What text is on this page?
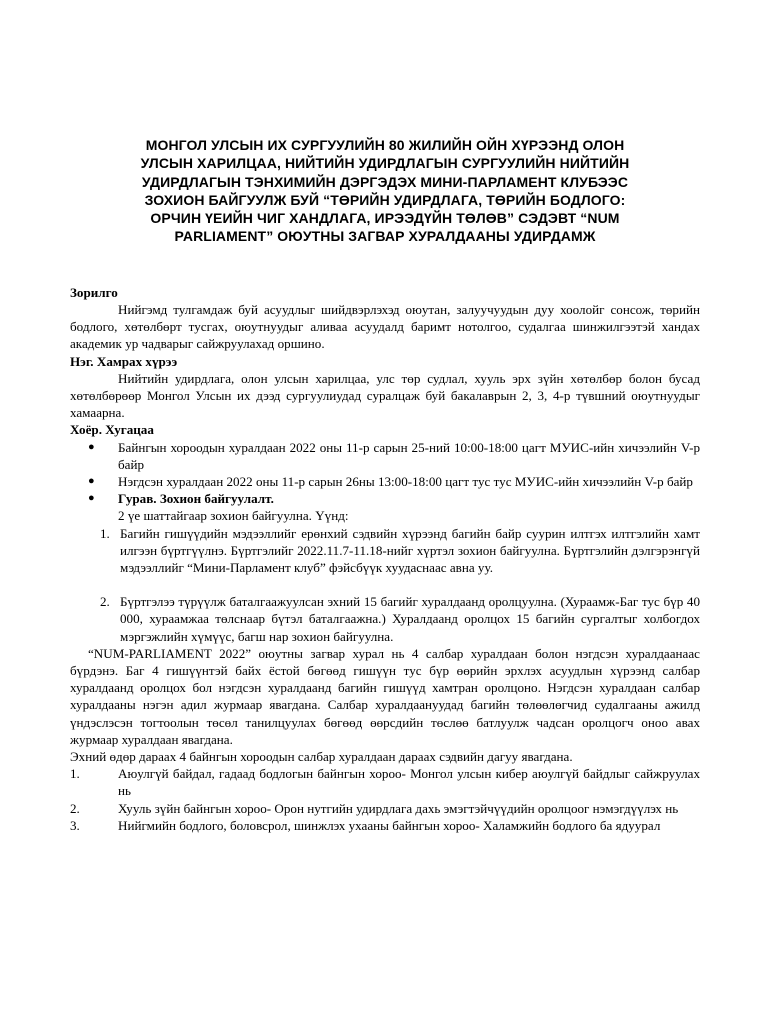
МОНГОЛ УЛСЫН ИХ СУРГУУЛИЙН 80 ЖИЛИЙН ОЙН ХҮРЭЭНД ОЛОН
УЛСЫН ХАРИЛЦАА, НИЙТИЙН УДИРДЛАГЫН СУРГУУЛИЙН НИЙТИЙН
УДИРДЛАГЫН ТЭНХИМИЙН ДЭРГЭДЭХ МИНИ-ПАРЛАМЕНТ КЛУБЭЭС
ЗОХИОН БАЙГУУЛЖ БУЙ “ТӨРИЙН УДИРДЛАГА, ТӨРИЙН БОДЛОГО:
ОРЧИН ҮЕИЙН ЧИГ ХАНДЛАГА, ИРЭЭДҮЙН ТӨЛӨВ” СЭДЭВТ “NUM
PARLIAMENT” ОЮУТНЫ ЗАГВАР ХУРАЛДААНЫ УДИРДАМЖ

Зорилго

Нийгэмд тулгамдаж буй асуудлыг шийдвэрлэхэд оюутан, залуучуудын дуу хоолойг сонсож, төрийн бодлого, хөтөлбөрт тусгах, оюутнуудыг аливаа асуудалд баримт нотолгоо, судалгаа шинжилгээтэй хандах академик ур чадварыг сайжруулахад оршино.

Нэг. Хамрах хүрээ

Нийтийн удирдлага, олон улсын харилцаа, улс төр судлал, хууль эрх зүйн хөтөлбөр болон бусад хөтөлбөрөөр Монгол Улсын их дээд сургуулиудад суралцаж буй бакалаврын 2, 3, 4-р түвшний оюутнуудыг хамаарна.

Хоёр. Хугацаа

●	Байнгын хороодын хуралдаан 2022 оны 11-р сарын 25-ний 10:00-18:00 цагт МУИС-ийн хичээлийн V-р байр
●	Нэгдсэн хуралдаан 2022 оны 11-р сарын 26ны 13:00-18:00 цагт тус тус МУИС-ийн хичээлийн V-р байр
●	Гурав. Зохион байгуулалт.

2 үе шаттайгаар зохион байгуулна. Үүнд:

1. Багийн гишүүдийн мэдээллийг ерөнхий сэдвийн хүрээнд багийн байр суурин илтгэх илтгэлийн хамт илгээн бүртгүүлнэ. Бүртгэлийг 2022.11.7-11.18-нийг хүртэл зохион байгуулна. Бүртгэлийн дэлгэрэнгүй мэдээллийг “Мини-Парламент клуб” фэйсбүүк хуудаснаас авна уу.
2. Бүртгэлээ түрүүлж баталгаажуулсан эхний 15 багийг хуралдаанд оролцуулна. (Хураамж-Баг тус бүр 40 000, хураамжаа төлснаар бүтэл баталгаажна.) Хуралдаанд оролцох 15 багийн сургалтыг холбогдох мэргэжлийн хүмүүс, багш нар зохион байгуулна.

“NUM-PARLIAMENT 2022” оюутны загвар хурал нь 4 салбар хуралдаан болон нэгдсэн хуралдаанаас бүрдэнэ. Баг 4 гишүүнтэй байх ёстой бөгөөд гишүүн тус бүр өөрийн эрхлэх асуудлын хүрээнд салбар хуралдаанд оролцох бол нэгдсэн хуралдаанд багийн гишүүд хамтран оролцоно. Нэгдсэн хуралдаан салбар хуралдааны нэгэн адил журмаар явагдана. Салбар хуралдаануудад багийн төлөөлөгчид судалгааны ажилд үндэслэсэн тогтоолын төсөл танилцуулах бөгөөд өөрсдийн төслөө батлуулж чадсан оролцогч оноо авах журмаар хуралдаан явагдана.

Эхний өдөр дараах 4 байнгын хороодын салбар хуралдаан дараах сэдвийн дагуу явагдана.

1.	Аюулгүй байдал, гадаад бодлогын байнгын хороо- Монгол улсын кибер аюулгүй байдлыг сайжруулах нь
2.	Хууль зүйн байнгын хороо- Орон нутгийн удирдлага дахь эмэгтэйчүүдийн оролцоог нэмэгдүүлэх нь
3.	Нийгмийн бодлого, боловсрол, шинжлэх ухааны байнгын хороо- Халамжийн бодлого ба ядуурал
